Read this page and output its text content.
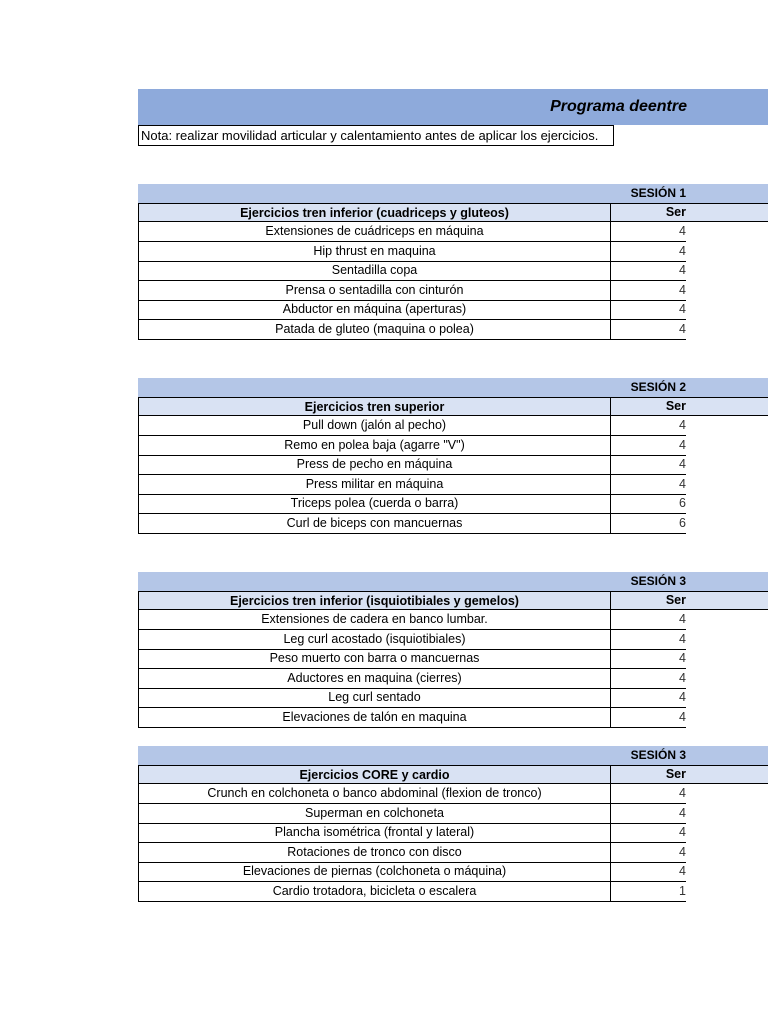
Programa deentre
Nota: realizar movilidad articular y calentamiento antes de aplicar los ejercicios.
SESIÓN 1
Ejercicios tren inferior (cuadriceps y gluteos)	Ser
Extensiones de cuádriceps en máquina	4
Hip thrust en maquina	4
Sentadilla copa	4
Prensa o sentadilla con cinturón	4
Abductor en máquina (aperturas)	4
Patada de gluteo (maquina o polea)	4
SESIÓN 2
Ejercicios tren superior	Ser
Pull down (jalón al pecho)	4
Remo en polea baja (agarre "V")	4
Press de pecho en máquina	4
Press militar en máquina	4
Triceps polea (cuerda o barra)	6
Curl de biceps con mancuernas	6
SESIÓN 3
Ejercicios tren inferior (isquiotibiales y gemelos)	Ser
Extensiones de cadera en banco lumbar.	4
Leg curl acostado (isquiotibiales)	4
Peso muerto con barra o mancuernas	4
Aductores en maquina (cierres)	4
Leg curl sentado	4
Elevaciones de talón en maquina	4
SESIÓN 3
Ejercicios CORE y cardio	Ser
Crunch en colchoneta o banco abdominal (flexion de tronco)	4
Superman en colchoneta	4
Plancha isométrica (frontal y lateral)	4
Rotaciones de tronco con disco	4
Elevaciones de piernas (colchoneta o máquina)	4
Cardio trotadora, bicicleta o escalera	1
